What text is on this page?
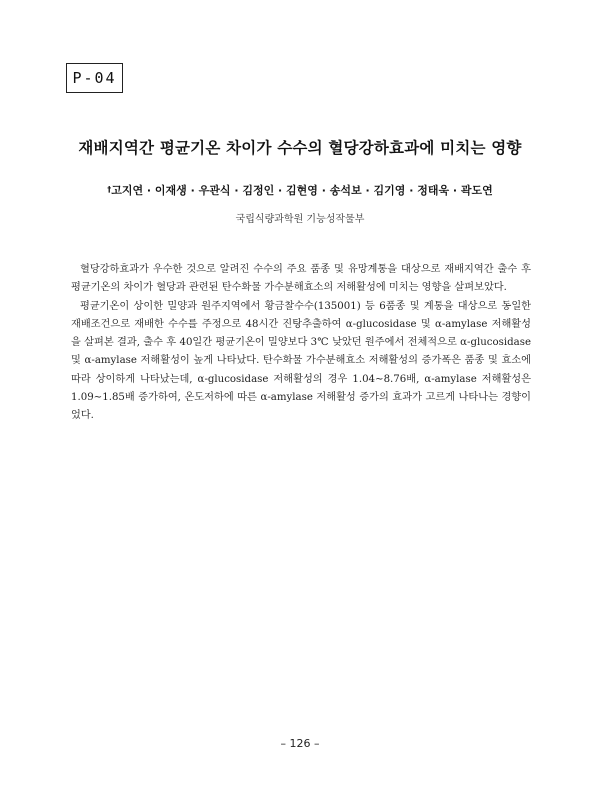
P-04
재배지역간 평균기온 차이가 수수의 혈당강하효과에 미치는 영향
†고지연 · 이재생 · 우관식 · 김정인 · 김현영 · 송석보 · 김기영 · 정태욱 · 곽도연
국립식량과학원 기능성작물부

혈당강하효과가 우수한 것으로 알려진 수수의 주요 품종 및 유망계통을 대상으로 재배지역간 출수 후 평균기온의 차이가 혈당과 관련된 탄수화물 가수분해효소의 저해활성에 미치는 영향을 살펴보았다.

평균기온이 상이한 밀양과 원주지역에서 황금찰수수(135001) 등 6품종 및 계통을 대상으로 동일한 재배조건으로 재배한 수수를 주정으로 48시간 진탕추출하여 α-glucosidase 및 α-amylase 저해활성을 살펴본 결과, 출수 후 40일간 평균기온이 밀양보다 3℃ 낮았던 원주에서 전체적으로 α-glucosidase 및 α-amylase 저해활성이 높게 나타났다. 탄수화물 가수분해효소 저해활성의 증가폭은 품종 및 효소에 따라 상이하게 나타났는데, α-glucosidase 저해활성의 경우 1.04∼8.76배, α-amylase 저해활성은 1.09∼1.85배 증가하여, 온도저하에 따른 α-amylase 저해활성 증가의 효과가 고르게 나타나는 경향이었다.

– 126 –
